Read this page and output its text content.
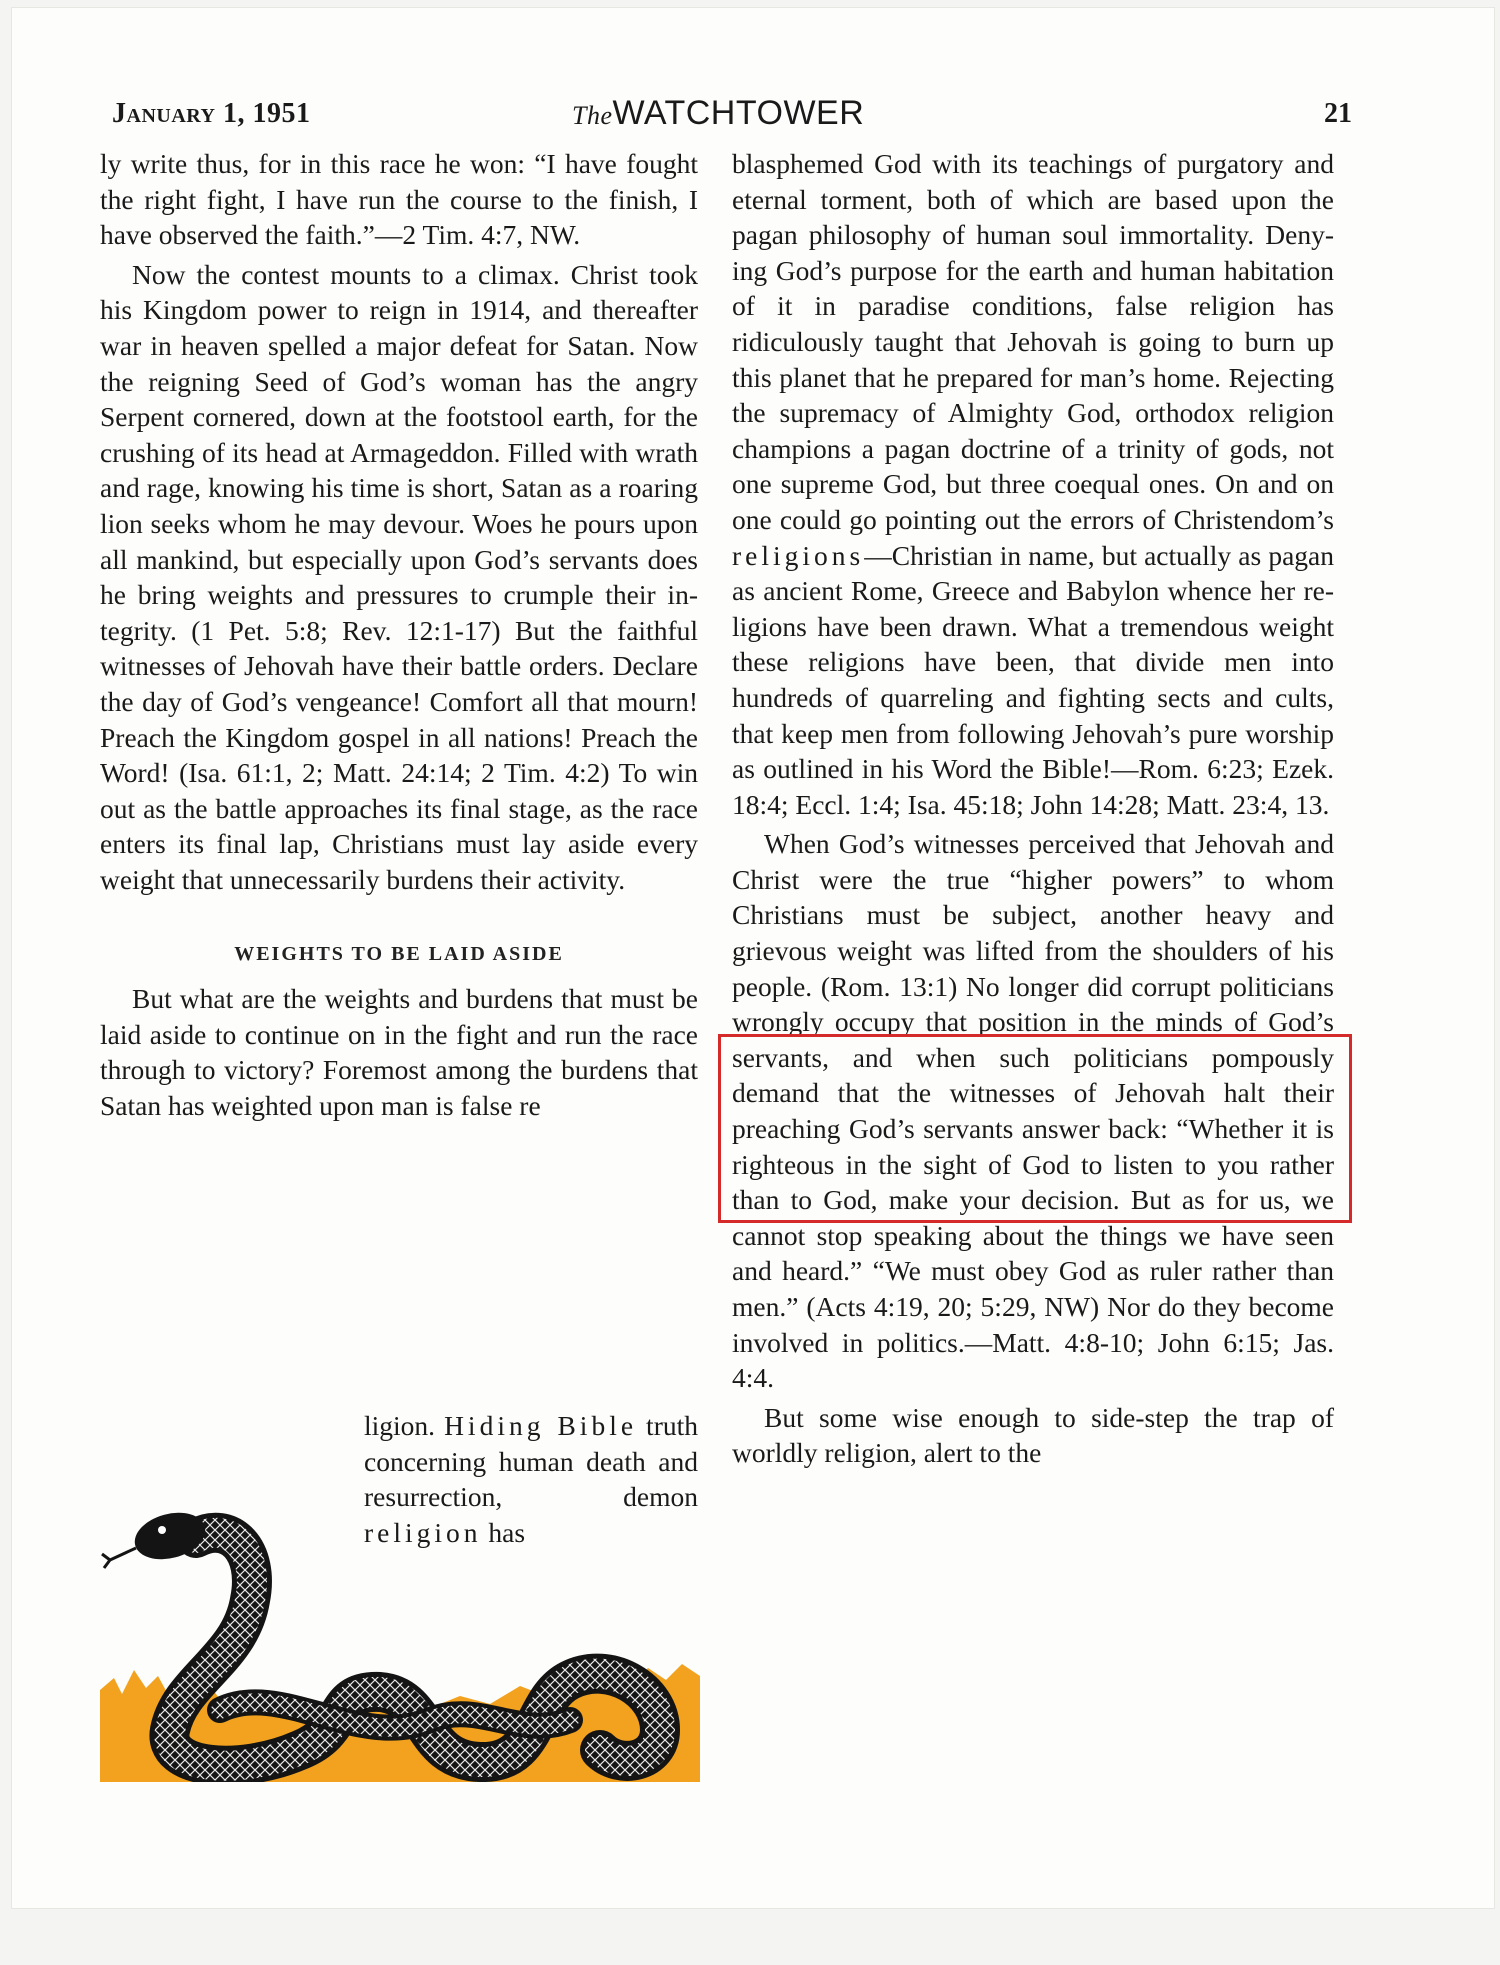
January 1, 1951	TheWATCHTOWER	21

ly write thus, for in this race he won: “I have fought the right fight, I have run the course to the finish, I have observed the faith.”—2 Tim. 4:7, NW.

Now the contest mounts to a climax. Christ took his Kingdom power to reign in 1914, and thereafter war in heaven spelled a major defeat for Satan. Now the reigning Seed of God’s woman has the angry Serpent cornered, down at the footstool earth, for the crushing of its head at Armageddon. Filled with wrath and rage, knowing his time is short, Satan as a roaring lion seeks whom he may devour. Woes he pours upon all mankind, but especially upon God’s servants does he bring weights and pressures to crumple their integrity. (1 Pet. 5:8; Rev. 12:1-17) But the faithful witnesses of Jehovah have their battle orders. Declare the day of God’s vengeance! Comfort all that mourn! Preach the Kingdom gospel in all nations! Preach the Word! (Isa. 61:1, 2; Matt. 24:14; 2 Tim. 4:2) To win out as the battle approaches its final stage, as the race enters its final lap, Christians must lay aside every weight that unnecessarily burdens their activity.

WEIGHTS TO BE LAID ASIDE

But what are the weights and burdens that must be laid aside to continue on in the fight and run the race through to victory? Foremost among the burdens that Satan has weighted upon man is false re

ligion. Hiding Bible truth concerning human death and resurrection, demon religion has

blasphemed God with its teachings of purgatory and eternal torment, both of which are based upon the pagan philosophy of human soul immortality. Denying God’s purpose for the earth and human habitation of it in paradise conditions, false religion has ridiculously taught that Jehovah is going to burn up this planet that he prepared for man’s home. Rejecting the supremacy of Almighty God, orthodox religion champions a pagan doctrine of a trinity of gods, not one supreme God, but three coequal ones. On and on one could go pointing out the errors of Christendom’s religions—Christian in name, but actually as pagan as ancient Rome, Greece and Babylon whence her religions have been drawn. What a tremendous weight these religions have been, that divide men into hundreds of quarreling and fighting sects and cults, that keep men from following Jehovah’s pure worship as outlined in his Word the Bible!—Rom. 6:23; Ezek. 18:4; Eccl. 1:4; Isa. 45:18; John 14:28; Matt. 23:4, 13.

When God’s witnesses perceived that Jehovah and Christ were the true “higher powers” to whom Christians must be subject, another heavy and grievous weight was lifted from the shoulders of his people. (Rom. 13:1) No longer did corrupt politicians wrongly occupy that position in the minds of God’s servants, and when such politicians pompously demand that the witnesses of Jehovah halt their preaching God’s servants answer back: “Whether it is righteous in the sight of God to listen to you rather than to God, make your decision. But as for us, we cannot stop speaking about the things we have seen and heard.” “We must obey God as ruler rather than men.” (Acts 4:19, 20; 5:29, NW) Nor do they become involved in politics.—Matt. 4:8-10; John 6:15; Jas. 4:4.

But some wise enough to side-step the trap of worldly religion, alert to the
